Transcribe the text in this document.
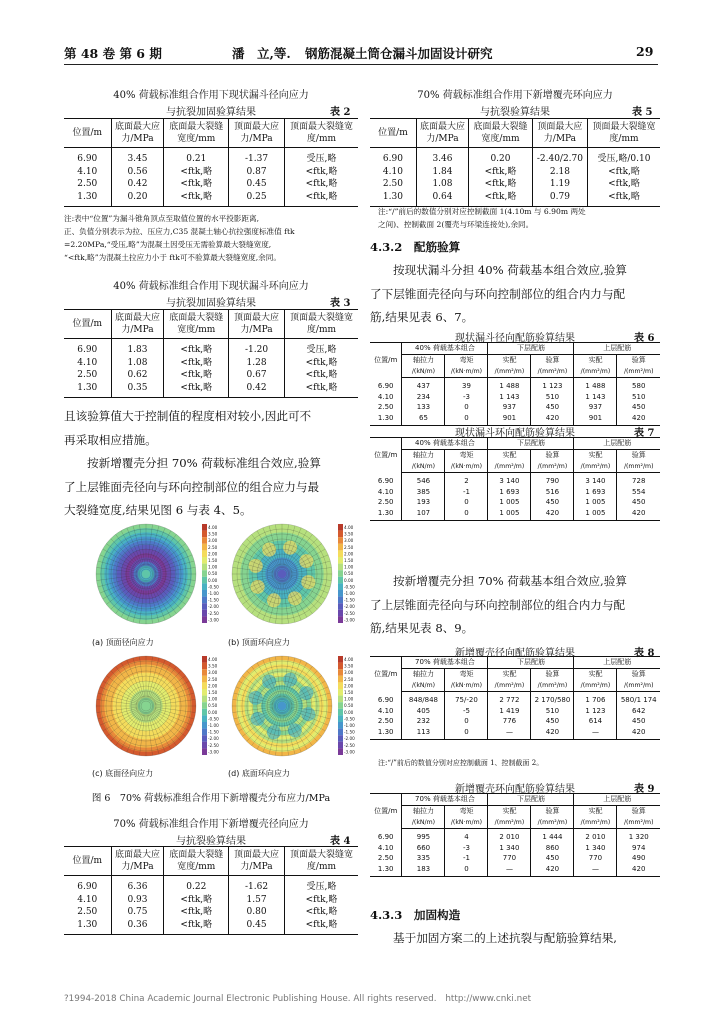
第 48 卷 第 6 期	潘　立,等. 钢筋混凝土筒仓漏斗加固设计研究	29
40% 荷载标准组合作用下现状漏斗径向应力
与抗裂加固验算结果	表 2
位置/m	底面最大应力/MPa	底面最大裂缝宽度/mm	顶面最大应力/MPa	顶面最大裂缝宽度/mm
6.90	3.45	0.21	-1.37	受压,略
4.10	0.56	<ftk,略	0.87	<ftk,略
2.50	0.42	<ftk,略	0.45	<ftk,略
1.30	0.20	<ftk,略	0.25	<ftk,略
注:表中“位置”为漏斗锥角顶点至取值位置的水平投影距离,
正、负值分别表示为拉、压应力,C35 混凝土轴心抗拉强度标准值 ftk
=2.20MPa,“受压,略”为混凝土因受压无需验算最大裂缝宽度,
“<ftk,略”为混凝土拉应力小于 ftk可不验算最大裂缝宽度,余同。
40% 荷载标准组合作用下现状漏斗环向应力
与抗裂加固验算结果	表 3
位置/m	底面最大应力/MPa	底面最大裂缝宽度/mm	顶面最大应力/MPa	顶面最大裂缝宽度/mm
6.90	1.83	<ftk,略	-1.20	受压,略
4.10	1.08	<ftk,略	1.28	<ftk,略
2.50	0.62	<ftk,略	0.67	<ftk,略
1.30	0.35	<ftk,略	0.42	<ftk,略
且该验算值大于控制值的程度相对较小,因此可不
再采取相应措施。
按新增覆壳分担 70% 荷载标准组合效应,验算
了上层锥面壳径向与环向控制部位的组合应力与最
大裂缝宽度,结果见图 6 与表 4、5。
4.00
3.50
3.00
2.50
2.00
1.50
1.00
0.50
0.00
-0.50
-1.00
-1.50
-2.00
-2.50
-3.00
4.00
3.50
3.00
2.50
2.00
1.50
1.00
0.50
0.00
-0.50
-1.00
-1.50
-2.00
-2.50
-3.00
4.00
3.50
3.00
2.50
2.00
1.50
1.00
0.50
0.00
-0.50
-1.00
-1.50
-2.00
-2.50
-3.00
4.00
3.50
3.00
2.50
2.00
1.50
1.00
0.50
0.00
-0.50
-1.00
-1.50
-2.00
-2.50
-3.00
(a) 顶面径向应力	(b) 顶面环向应力
(c) 底面径向应力	(d) 底面环向应力
图 6　70% 荷载标准组合作用下新增覆壳分布应力/MPa
70% 荷载标准组合作用下新增覆壳径向应力
与抗裂验算结果	表 4
位置/m	底面最大应力/MPa	底面最大裂缝宽度/mm	顶面最大应力/MPa	顶面最大裂缝宽度/mm
6.90	6.36	0.22	-1.62	受压,略
4.10	0.93	<ftk,略	1.57	<ftk,略
2.50	0.75	<ftk,略	0.80	<ftk,略
1.30	0.36	<ftk,略	0.45	<ftk,略
70% 荷载标准组合作用下新增覆壳环向应力
与抗裂验算结果	表 5
位置/m	底面最大应力/MPa	底面最大裂缝宽度/mm	顶面最大应力/MPa	顶面最大裂缝宽度/mm
6.90	3.46	0.20	-2.40/2.70	受压,略/0.10
4.10	1.84	<ftk,略	2.18	<ftk,略
2.50	1.08	<ftk,略	1.19	<ftk,略
1.30	0.64	<ftk,略	0.79	<ftk,略
注:“/”前后的数值分别对应控制截面 1(4.10m 与 6.90m 两处
之间)、控制截面 2(覆壳与环梁连接处),余同。
4.3.2　配筋验算
按现状漏斗分担 40% 荷载基本组合效应,验算
了下层锥面壳径向与环向控制部位的组合内力与配
筋,结果见表 6、7。
现状漏斗径向配筋验算结果	表 6
位置/m	40% 荷载基本组合		下层配筋		上层配筋	
	轴拉力	弯矩	实配	验算	实配	验算
	/(kN/m)	/(kN·m/m)	/(mm²/m)	/(mm²/m)	/(mm²/m)	/(mm²/m)
6.90	437	39	1 488	1 123	1 488	580
4.10	234	-3	1 143	510	1 143	510
2.50	133	0	937	450	937	450
1.30	65	0	901	420	901	420
现状漏斗环向配筋验算结果	表 7
位置/m	40% 荷载基本组合		下层配筋		上层配筋	
	轴拉力	弯矩	实配	验算	实配	验算
	/(kN/m)	/(kN·m/m)	/(mm²/m)	/(mm²/m)	/(mm²/m)	/(mm²/m)
6.90	546	2	3 140	790	3 140	728
4.10	385	-1	1 693	516	1 693	554
2.50	193	0	1 005	450	1 005	450
1.30	107	0	1 005	420	1 005	420
按新增覆壳分担 70% 荷载基本组合效应,验算
了上层锥面壳径向与环向控制部位的组合内力与配
筋,结果见表 8、9。
新增覆壳径向配筋验算结果	表 8
位置/m	70% 荷载基本组合		下层配筋		上层配筋	
	轴拉力	弯矩	实配	验算	实配	验算
	/(kN/m)	/(kN·m/m)	/(mm²/m)	/(mm²/m)	/(mm²/m)	/(mm²/m)
6.90	848/848	75/-20	2 772	2 170/580	1 706	580/1 174
4.10	405	-5	1 419	510	1 123	642
2.50	232	0	776	450	614	450
1.30	113	0	—	420	—	420
注:“/”前后的数值分别对应控制截面 1、控制截面 2。
新增覆壳环向配筋验算结果	表 9
位置/m	70% 荷载基本组合		下层配筋		上层配筋	
	轴拉力	弯矩	实配	验算	实配	验算
	/(kN/m)	/(kN·m/m)	/(mm²/m)	/(mm²/m)	/(mm²/m)	/(mm²/m)
6.90	995	4	2 010	1 444	2 010	1 320
4.10	660	-3	1 340	860	1 340	974
2.50	335	-1	770	450	770	490
1.30	183	0	—	420	—	420
4.3.3　加固构造
基于加固方案二的上述抗裂与配筋验算结果,
?1994-2018 China Academic Journal Electronic Publishing House. All rights reserved.　http://www.cnki.net
